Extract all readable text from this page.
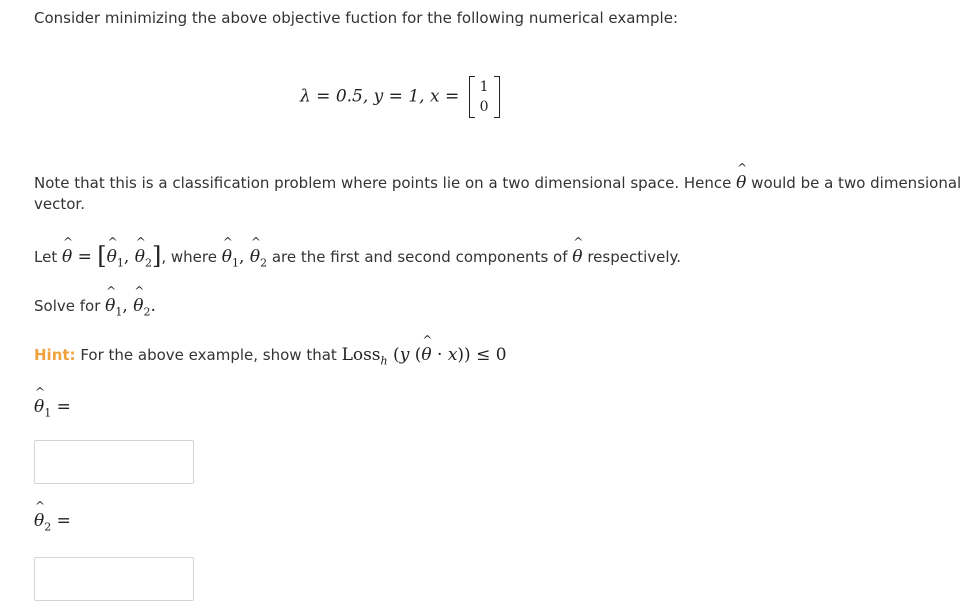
Consider minimizing the above objective fuction for the following numerical example:
λ = 0.5, y = 1, x = 1
0
Note that this is a classification problem where points lie on a two dimensional space. Hence ^ θ would be a two dimensional
vector.
Let ^ θ = [^ $\theta_1$, ^ $\theta_2$], where ^ $\theta_1$, ^ $\theta_2$ are the first and second components of ^ θ respectively.
Solve for ^ $\theta_1$, ^ $\theta_2$.
Hint: For the above example, show that Loss$_h$ (y (^ θ · x)) ≤ 0
^ $\theta_1$ =
^ $\theta_2$ =
